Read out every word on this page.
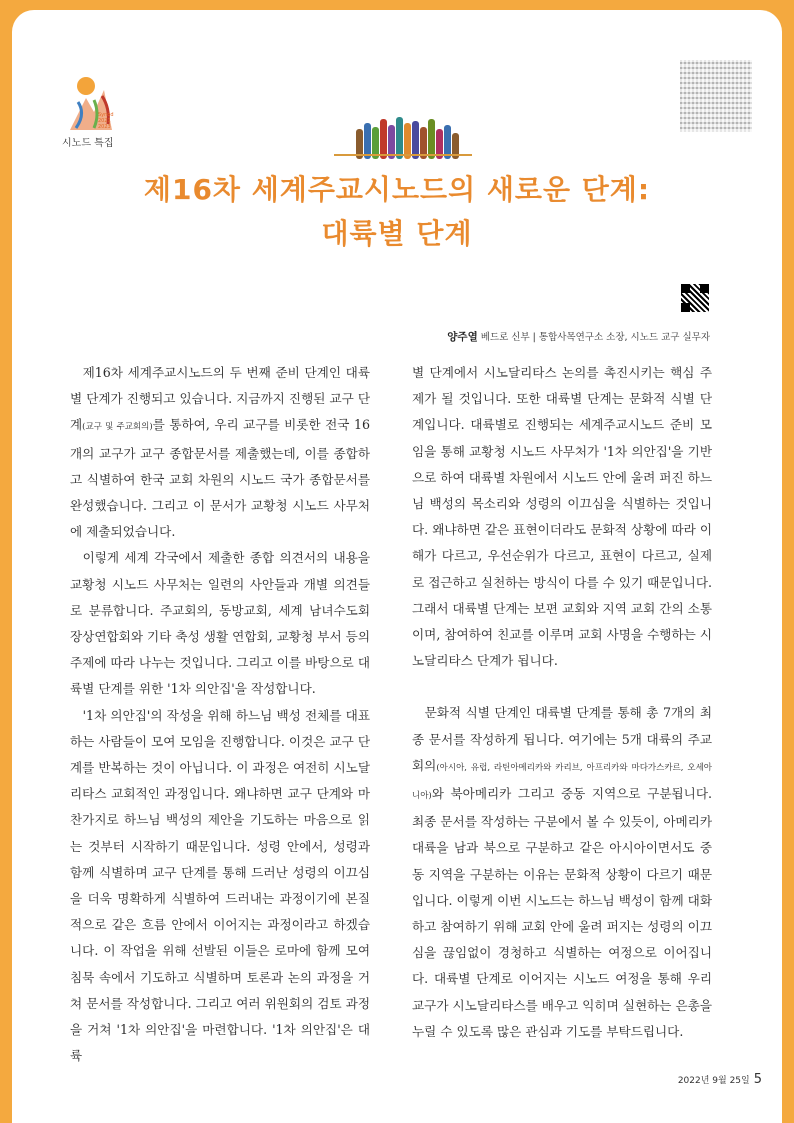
Synod
2021
2023
시노드 특집
제16차 세계주교시노드의 새로운 단계:
대륙별 단계
양주열 베드로 신부 | 통합사목연구소 소장, 시노드 교구 실무자

제16차 세계주교시노드의 두 번째 준비 단계인 대륙별 단계가 진행되고 있습니다. 지금까지 진행된 교구 단계(교구 및 주교회의)를 통하여, 우리 교구를 비롯한 전국 16개의 교구가 교구 종합문서를 제출했는데, 이를 종합하고 식별하여 한국 교회 차원의 시노드 국가 종합문서를 완성했습니다. 그리고 이 문서가 교황청 시노드 사무처에 제출되었습니다.

이렇게 세계 각국에서 제출한 종합 의견서의 내용을 교황청 시노드 사무처는 일련의 사안들과 개별 의견들로 분류합니다. 주교회의, 동방교회, 세계 남녀수도회 장상연합회와 기타 축성 생활 연합회, 교황청 부서 등의 주제에 따라 나누는 것입니다. 그리고 이를 바탕으로 대륙별 단계를 위한 '1차 의안집'을 작성합니다.

'1차 의안집'의 작성을 위해 하느님 백성 전체를 대표하는 사람들이 모여 모임을 진행합니다. 이것은 교구 단계를 반복하는 것이 아닙니다. 이 과정은 여전히 시노달리타스 교회적인 과정입니다. 왜냐하면 교구 단계와 마찬가지로 하느님 백성의 제안을 기도하는 마음으로 읽는 것부터 시작하기 때문입니다. 성령 안에서, 성령과 함께 식별하며 교구 단계를 통해 드러난 성령의 이끄심을 더욱 명확하게 식별하여 드러내는 과정이기에 본질적으로 같은 흐름 안에서 이어지는 과정이라고 하겠습니다. 이 작업을 위해 선발된 이들은 로마에 함께 모여 침묵 속에서 기도하고 식별하며 토론과 논의 과정을 거쳐 문서를 작성합니다. 그리고 여러 위원회의 검토 과정을 거쳐 '1차 의안집'을 마련합니다. '1차 의안집'은 대륙

별 단계에서 시노달리타스 논의를 촉진시키는 핵심 주제가 될 것입니다. 또한 대륙별 단계는 문화적 식별 단계입니다. 대륙별로 진행되는 세계주교시노드 준비 모임을 통해 교황청 시노드 사무처가 '1차 의안집'을 기반으로 하여 대륙별 차원에서 시노드 안에 울려 퍼진 하느님 백성의 목소리와 성령의 이끄심을 식별하는 것입니다. 왜냐하면 같은 표현이더라도 문화적 상황에 따라 이해가 다르고, 우선순위가 다르고, 표현이 다르고, 실제로 접근하고 실천하는 방식이 다를 수 있기 때문입니다. 그래서 대륙별 단계는 보편 교회와 지역 교회 간의 소통이며, 참여하여 친교를 이루며 교회 사명을 수행하는 시노달리타스 단계가 됩니다.

문화적 식별 단계인 대륙별 단계를 통해 총 7개의 최종 문서를 작성하게 됩니다. 여기에는 5개 대륙의 주교회의(아시아, 유럽, 라틴아메리카와 카리브, 아프리카와 마다가스카르, 오세아니아)와 북아메리카 그리고 중동 지역으로 구분됩니다. 최종 문서를 작성하는 구분에서 볼 수 있듯이, 아메리카 대륙을 남과 북으로 구분하고 같은 아시아이면서도 중동 지역을 구분하는 이유는 문화적 상황이 다르기 때문입니다. 이렇게 이번 시노드는 하느님 백성이 함께 대화하고 참여하기 위해 교회 안에 울려 퍼지는 성령의 이끄심을 끊임없이 경청하고 식별하는 여정으로 이어집니다. 대륙별 단계로 이어지는 시노드 여정을 통해 우리 교구가 시노달리타스를 배우고 익히며 실현하는 은총을 누릴 수 있도록 많은 관심과 기도를 부탁드립니다.

2022년 9월 25일 5
